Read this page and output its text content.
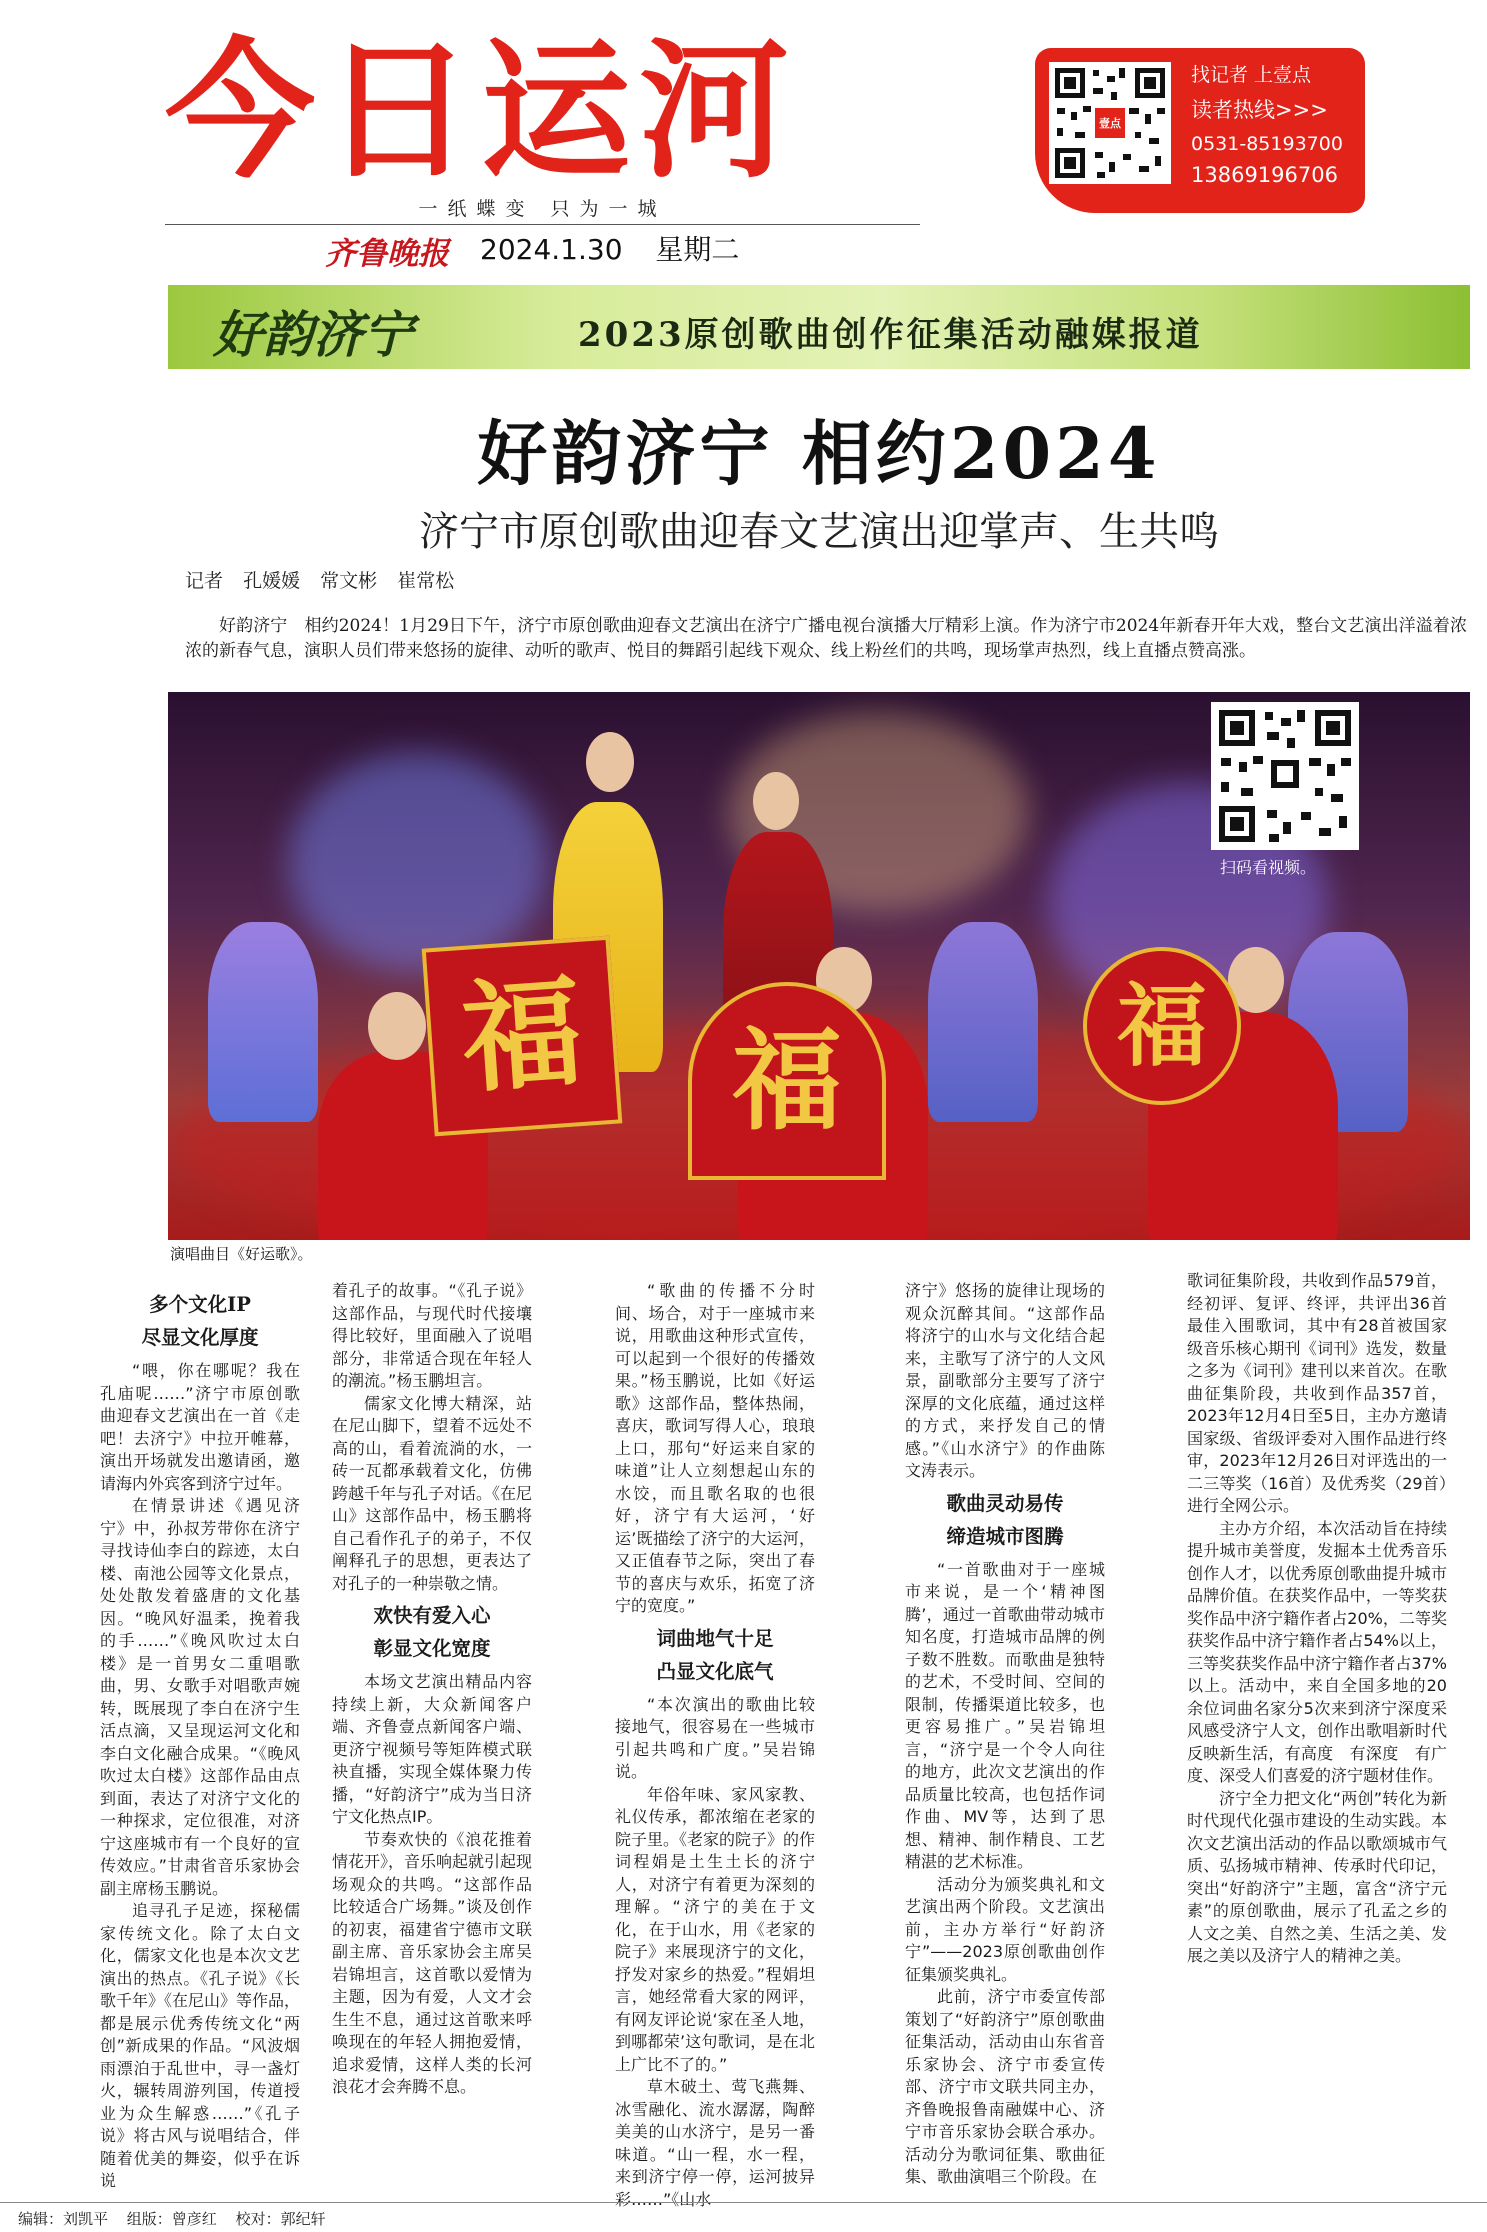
今日运河
一纸蝶变 只为一城
齐鲁晚报 2024.1.30 星期二
壹点
找记者 上壹点
读者热线>>>
0531-85193700
13869196706
好韵济宁	2023原创歌曲创作征集活动融媒报道
好韵济宁 相约2024
济宁市原创歌曲迎春文艺演出迎掌声、生共鸣
记者 孔媛媛 常文彬 崔常松
好韵济宁　相约2024！1月29日下午，济宁市原创歌曲迎春文艺演出在济宁广播电视台演播大厅精彩上演。作为济宁市2024年新春开年大戏，整台文艺演出洋溢着浓浓的新春气息，演职人员们带来悠扬的旋律、动听的歌声、悦目的舞蹈引起线下观众、线上粉丝们的共鸣，现场掌声热烈，线上直播点赞高涨。
福	福	福
扫码看视频。
演唱曲目《好运歌》。
多个文化IP
尽显文化厚度

“喂，你在哪呢？我在孔庙呢……”济宁市原创歌曲迎春文艺演出在一首《走吧！去济宁》中拉开帷幕，演出开场就发出邀请函，邀请海内外宾客到济宁过年。

在情景讲述《遇见济宁》中，孙叔芳带你在济宁寻找诗仙李白的踪迹，太白楼、南池公园等文化景点，处处散发着盛唐的文化基因。“晚风好温柔，挽着我的手……”《晚风吹过太白楼》是一首男女二重唱歌曲，男、女歌手对唱歌声婉转，既展现了李白在济宁生活点滴，又呈现运河文化和李白文化融合成果。“《晚风吹过太白楼》这部作品由点到面，表达了对济宁文化的一种探求，定位很准，对济宁这座城市有一个良好的宣传效应。”甘肃省音乐家协会副主席杨玉鹏说。

追寻孔子足迹，探秘儒家传统文化。除了太白文化，儒家文化也是本次文艺演出的热点。《孔子说》《长歌千年》《在尼山》等作品，都是展示优秀传统文化“两创”新成果的作品。“风波烟雨漂泊于乱世中，寻一盏灯火，辗转周游列国，传道授业为众生解惑……”《孔子说》将古风与说唱结合，伴随着优美的舞姿，似乎在诉说

着孔子的故事。“《孔子说》这部作品，与现代时代接壤得比较好，里面融入了说唱部分，非常适合现在年轻人的潮流。”杨玉鹏坦言。

儒家文化博大精深，站在尼山脚下，望着不远处不高的山，看着流淌的水，一砖一瓦都承载着文化，仿佛跨越千年与孔子对话。《在尼山》这部作品中，杨玉鹏将自己看作孔子的弟子，不仅阐释孔子的思想，更表达了对孔子的一种崇敬之情。

欢快有爱入心
彰显文化宽度

本场文艺演出精品内容持续上新，大众新闻客户端、齐鲁壹点新闻客户端、更济宁视频号等矩阵模式联袂直播，实现全媒体聚力传播，“好韵济宁”成为当日济宁文化热点IP。

节奏欢快的《浪花推着情花开》，音乐响起就引起现场观众的共鸣。“这部作品比较适合广场舞。”谈及创作的初衷，福建省宁德市文联副主席、音乐家协会主席吴岩锦坦言，这首歌以爱情为主题，因为有爱，人文才会生生不息，通过这首歌来呼唤现在的年轻人拥抱爱情，追求爱情，这样人类的长河浪花才会奔腾不息。

“歌曲的传播不分时间、场合，对于一座城市来说，用歌曲这种形式宣传，可以起到一个很好的传播效果。”杨玉鹏说，比如《好运歌》这部作品，整体热闹，喜庆，歌词写得人心，琅琅上口，那句“好运来自家的味道”让人立刻想起山东的水饺，而且歌名取的也很好，济宁有大运河，‘好运’既描绘了济宁的大运河，又正值春节之际，突出了春节的喜庆与欢乐，拓宽了济宁的宽度。”

词曲地气十足
凸显文化底气

“本次演出的歌曲比较接地气，很容易在一些城市引起共鸣和广度。”吴岩锦说。

年俗年味、家风家教、礼仪传承，都浓缩在老家的院子里。《老家的院子》的作词程娟是土生土长的济宁人，对济宁有着更为深刻的理解。“济宁的美在于文化，在于山水，用《老家的院子》来展现济宁的文化，抒发对家乡的热爱。”程娟坦言，她经常看大家的网评，有网友评论说‘家在圣人地，到哪都荣’这句歌词，是在北上广比不了的。”

草木破土、莺飞燕舞、冰雪融化、流水潺潺，陶醉美美的山水济宁，是另一番味道。“山一程，水一程，来到济宁停一停，运河披异彩……”《山水

济宁》悠扬的旋律让现场的观众沉醉其间。“这部作品将济宁的山水与文化结合起来，主歌写了济宁的人文风景，副歌部分主要写了济宁深厚的文化底蕴，通过这样的方式，来抒发自己的情感。”《山水济宁》的作曲陈文涛表示。

歌曲灵动易传
缔造城市图腾

“一首歌曲对于一座城市来说，是一个‘精神图腾’，通过一首歌曲带动城市知名度，打造城市品牌的例子数不胜数。而歌曲是独特的艺术，不受时间、空间的限制，传播渠道比较多，也更容易推广。”吴岩锦坦言，“济宁是一个令人向往的地方，此次文艺演出的作品质量比较高，也包括作词作曲、MV等，达到了思想、精神、制作精良、工艺精湛的艺术标准。

活动分为颁奖典礼和文艺演出两个阶段。文艺演出前，主办方举行“好韵济宁”——2023原创歌曲创作征集颁奖典礼。

此前，济宁市委宣传部策划了“好韵济宁”原创歌曲征集活动，活动由山东省音乐家协会、济宁市委宣传部、济宁市文联共同主办，齐鲁晚报鲁南融媒中心、济宁市音乐家协会联合承办。活动分为歌词征集、歌曲征集、歌曲演唱三个阶段。在

歌词征集阶段，共收到作品579首，经初评、复评、终评，共评出36首最佳入围歌词，其中有28首被国家级音乐核心期刊《词刊》选发，数量之多为《词刊》建刊以来首次。在歌曲征集阶段，共收到作品357首，2023年12月4日至5日，主办方邀请国家级、省级评委对入围作品进行终审，2023年12月26日对评选出的一二三等奖（16首）及优秀奖（29首）进行全网公示。

主办方介绍，本次活动旨在持续提升城市美誉度，发掘本土优秀音乐创作人才，以优秀原创歌曲提升城市品牌价值。在获奖作品中，一等奖获奖作品中济宁籍作者占20%，二等奖获奖作品中济宁籍作者占54%以上，三等奖获奖作品中济宁籍作者占37%以上。活动中，来自全国多地的20余位词曲名家分5次来到济宁深度采风感受济宁人文，创作出歌唱新时代　反映新生活，有高度　有深度　有广度、深受人们喜爱的济宁题材佳作。

济宁全力把文化“两创”转化为新时代现代化强市建设的生动实践。本次文艺演出活动的作品以歌颂城市气质、弘扬城市精神、传承时代印记，突出“好韵济宁”主题，富含“济宁元素”的原创歌曲，展示了孔孟之乡的人文之美、自然之美、生活之美、发展之美以及济宁人的精神之美。

编辑：刘凯平 组版：曾彦红 校对：郭纪轩
